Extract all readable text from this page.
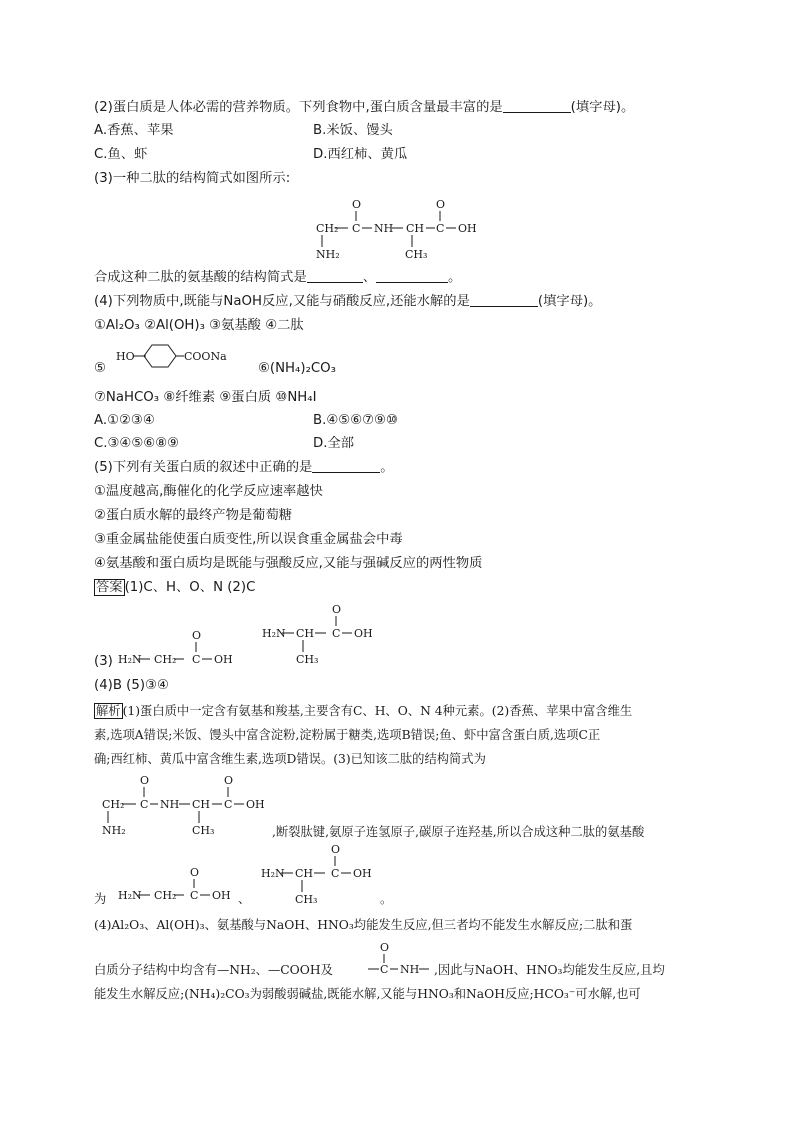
(2)蛋白质是人体必需的营养物质。下列食物中,蛋白质含量最丰富的是	(填字母)。
A.香蕉、苹果	B.米饭、馒头
C.鱼、虾	D.西红柿、黄瓜
(3)一种二肽的结构简式如图所示:
O
CH₂ C NH CH
O
C OH
NH₂	CH₃
合成这种二肽的氨基酸的结构简式是	、	。
(4)下列物质中,既能与NaOH反应,又能与硝酸反应,还能水解的是	(填字母)。
①Al₂O₃ ②Al(OH)₃ ③氨基酸 ④二肽
⑤
HO	COONa
⑥(NH₄)₂CO₃
⑦NaHCO₃ ⑧纤维素 ⑨蛋白质 ⑩NH₄I
A.①②③④	B.④⑤⑥⑦⑨⑩
C.③④⑤⑥⑧⑨	D.全部
(5)下列有关蛋白质的叙述中正确的是	。
①温度越高,酶催化的化学反应速率越快
②蛋白质水解的最终产物是葡萄糖
③重金属盐能使蛋白质变性,所以误食重金属盐会中毒
④氨基酸和蛋白质均是既能与强酸反应,又能与强碱反应的两性物质
答案 (1)C、H、O、N (2)C
H₂N CH
O
C OH
CH₃
(3) H₂N CH₂
O
C OH
(4)B (5)③④
解析 (1)蛋白质中一定含有氨基和羧基,主要含有C、H、O、N 4种元素。(2)香蕉、苹果中富含维生
素,选项A错误;米饭、馒头中富含淀粉,淀粉属于糖类,选项B错误;鱼、虾中富含蛋白质,选项C正
确;西红柿、黄瓜中富含维生素,选项D错误。(3)已知该二肽的结构简式为
O
CH₂ C NH CH
O
C OH
NH₂	CH₃	,断裂肽键,氨原子连氢原子,碳原子连羟基,所以合成这种二肽的氨基酸
为 H₂N CH₂
O
C OH 、
H₂N CH
O
C OH
CH₃	。
(4)Al₂O₃、Al(OH)₃、氨基酸与NaOH、HNO₃均能发生反应,但三者均不能发生水解反应;二肽和蛋
白质分子结构中均含有—NH₂、—COOH及
O
C NH ,因此与NaOH、HNO₃均能发生反应,且均
能发生水解反应;(NH₄)₂CO₃为弱酸弱碱盐,既能水解,又能与HNO₃和NaOH反应;HCO₃⁻可水解,也可
